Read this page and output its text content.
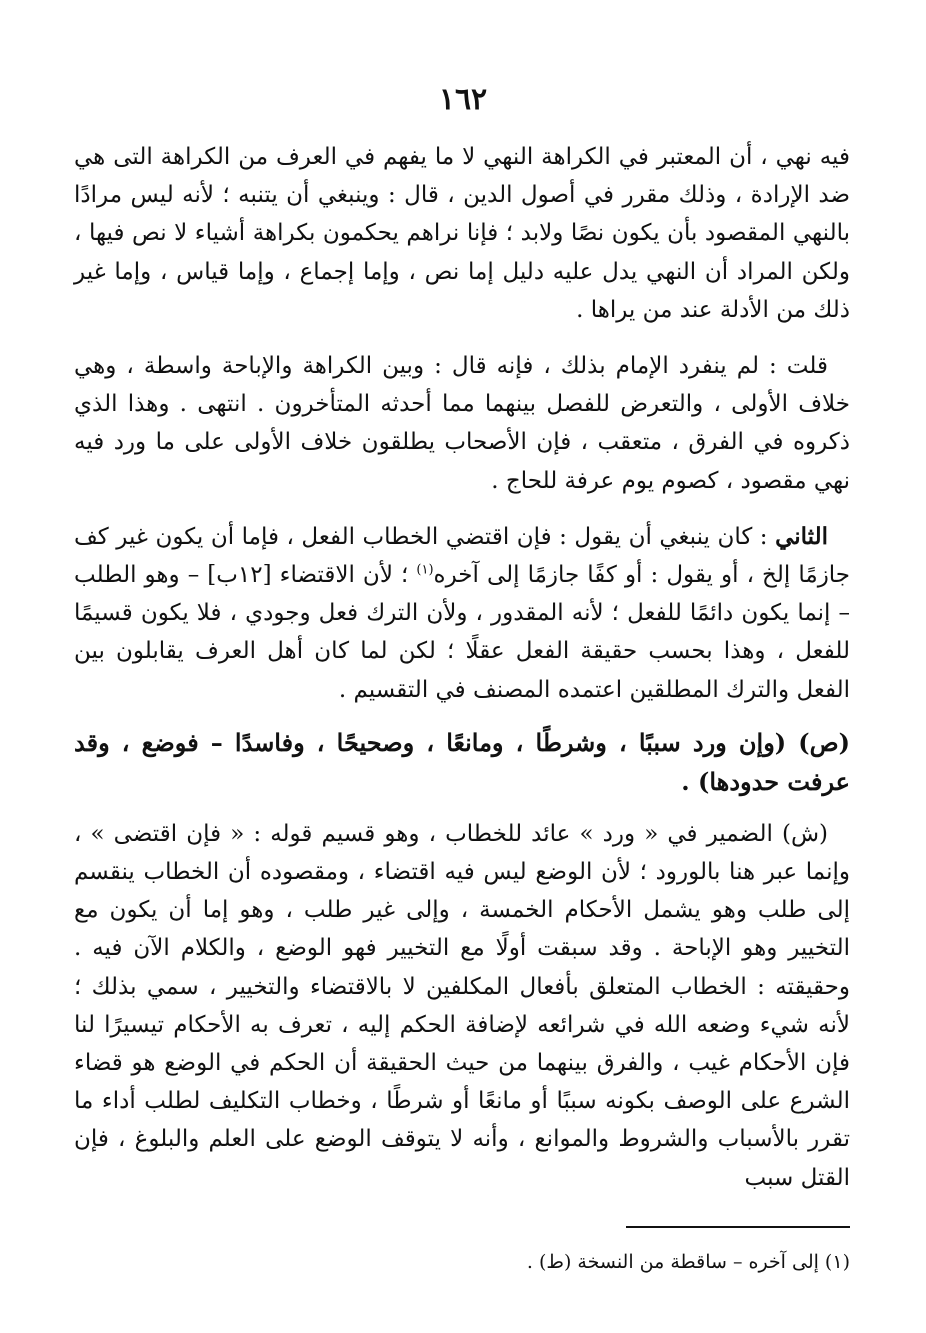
١٦٢

فيه نهي ، أن المعتبر في الكراهة النهي لا ما يفهم في العرف من الكراهة التى هي ضد الإرادة ، وذلك مقرر في أصول الدين ، قال : وينبغي أن يتنبه ؛ لأنه ليس مرادًا بالنهي المقصود بأن يكون نصًا ولابد ؛ فإنا نراهم يحكمون بكراهة أشياء لا نص فيها ، ولكن المراد أن النهي يدل عليه دليل إما نص ، وإما إجماع ، وإما قياس ، وإما غير ذلك من الأدلة عند من يراها .

قلت : لم ينفرد الإمام بذلك ، فإنه قال : وبين الكراهة والإباحة واسطة ، وهي خلاف الأولى ، والتعرض للفصل بينهما مما أحدثه المتأخرون . انتهى . وهذا الذي ذكروه في الفرق ، متعقب ، فإن الأصحاب يطلقون خلاف الأولى على ما ورد فيه نهي مقصود ، كصوم يوم عرفة للحاج .

الثاني : كان ينبغي أن يقول : فإن اقتضي الخطاب الفعل ، فإما أن يكون غير كف جازمًا إلخ ، أو يقول : أو كفًا جازمًا إلى آخره$^{(١)}$ ؛ لأن الاقتضاء [١٢ب] – وهو الطلب – إنما يكون دائمًا للفعل ؛ لأنه المقدور ، ولأن الترك فعل وجودي ، فلا يكون قسيمًا للفعل ، وهذا بحسب حقيقة الفعل عقلًا ؛ لكن لما كان أهل العرف يقابلون بين الفعل والترك المطلقين اعتمده المصنف في التقسيم .

(ص) (وإن ورد سببًا ، وشرطًا ، ومانعًا ، وصحيحًا ، وفاسدًا – فوضع ، وقد عرفت حدودها) .

(ش) الضمير في « ورد » عائد للخطاب ، وهو قسيم قوله : « فإن اقتضى » ، وإنما عبر هنا بالورود ؛ لأن الوضع ليس فيه اقتضاء ، ومقصوده أن الخطاب ينقسم إلى طلب وهو يشمل الأحكام الخمسة ، وإلى غير طلب ، وهو إما أن يكون مع التخيير وهو الإباحة . وقد سبقت أولًا مع التخيير فهو الوضع ، والكلام الآن فيه . وحقيقته : الخطاب المتعلق بأفعال المكلفين لا بالاقتضاء والتخيير ، سمي بذلك ؛ لأنه شيء وضعه الله في شرائعه لإضافة الحكم إليه ، تعرف به الأحكام تيسيرًا لنا فإن الأحكام غيب ، والفرق بينهما من حيث الحقيقة أن الحكم في الوضع هو قضاء الشرع على الوصف بكونه سببًا أو مانعًا أو شرطًا ، وخطاب التكليف لطلب أداء ما تقرر بالأسباب والشروط والموانع ، وأنه لا يتوقف الوضع على العلم والبلوغ ، فإن القتل سبب

(١) إلى آخره – ساقطة من النسخة (ط) .
